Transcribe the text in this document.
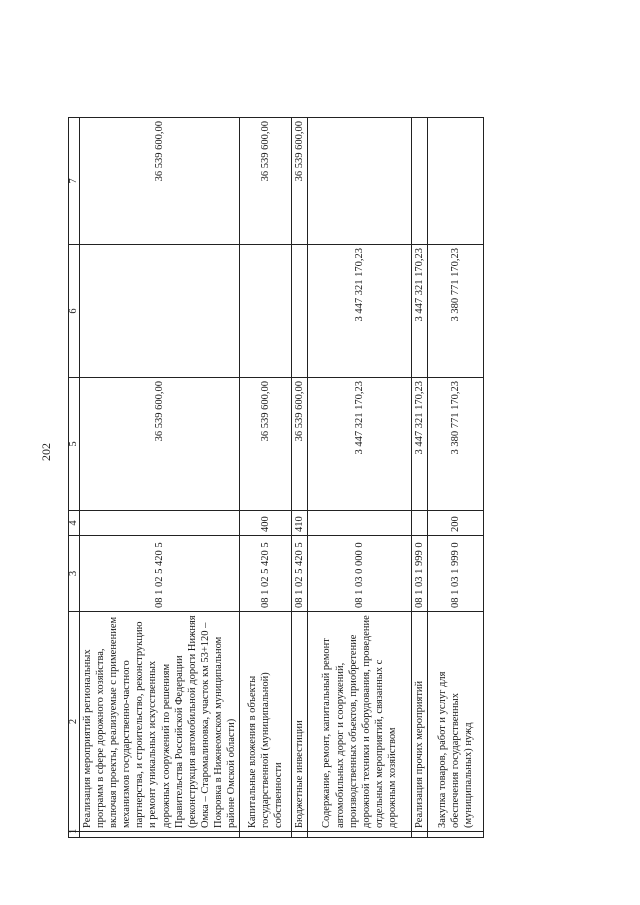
202
1	2	3	4	5	6	7
	Реализация мероприятий региональных программ в сфере дорожного хозяйства, включая проекты, реализуемые с применением механизмов государственно-частного партнерства, и строительство, реконструкцию и ремонт уникальных искусственных дорожных сооружений по решениям Правительства Российской Федерации (реконструкция автомобильной дороги Нижняя Омка – Старомалиновка, участок км 53+120 – Покровка в Нижнеомском муниципальном районе Омской области)	08 1 02 5 420 5		36 539 600,00		36 539 600,00
	Капитальные вложения в объекты государственной (муниципальной) собственности	08 1 02 5 420 5	400	36 539 600,00		36 539 600,00
	Бюджетные инвестиции	08 1 02 5 420 5	410	36 539 600,00		36 539 600,00
	Содержание, ремонт, капитальный ремонт автомобильных дорог и сооружений, производственных объектов, приобретение дорожной техники и оборудования, проведение отдельных мероприятий, связанных с дорожным хозяйством	08 1 03 0 000 0		3 447 321 170,23	3 447 321 170,23	
	Реализация прочих мероприятий	08 1 03 1 999 0		3 447 321 170,23	3 447 321 170,23	
	Закупка товаров, работ и услуг для обеспечения государственных (муниципальных) нужд	08 1 03 1 999 0	200	3 380 771 170,23	3 380 771 170,23	
